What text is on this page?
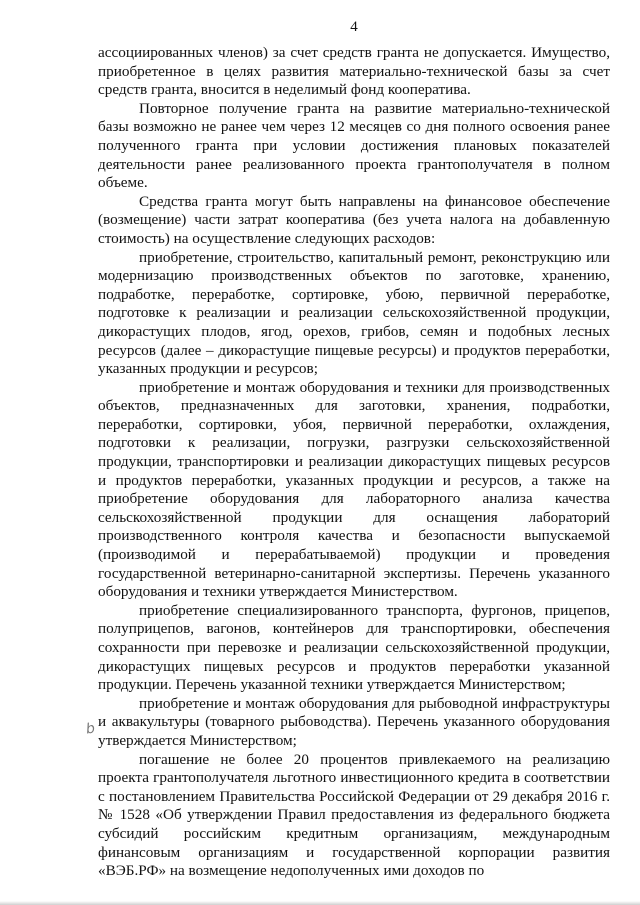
4

ассоциированных членов) за счет средств гранта не допускается. Имущество, приобретенное в целях развития материально-технической базы за счет средств гранта, вносится в неделимый фонд кооператива.

Повторное получение гранта на развитие материально-технической базы возможно не ранее чем через 12 месяцев со дня полного освоения ранее полученного гранта при условии достижения плановых показателей деятельности ранее реализованного проекта грантополучателя в полном объеме.

Средства гранта могут быть направлены на финансовое обеспечение (возмещение) части затрат кооператива (без учета налога на добавленную стоимость) на осуществление следующих расходов:

приобретение, строительство, капитальный ремонт, реконструкцию или модернизацию производственных объектов по заготовке, хранению, подработке, переработке, сортировке, убою, первичной переработке, подготовке к реализации и реализации сельскохозяйственной продукции, дикорастущих плодов, ягод, орехов, грибов, семян и подобных лесных ресурсов (далее – дикорастущие пищевые ресурсы) и продуктов переработки, указанных продукции и ресурсов;

приобретение и монтаж оборудования и техники для производственных объектов, предназначенных для заготовки, хранения, подработки, переработки, сортировки, убоя, первичной переработки, охлаждения, подготовки к реализации, погрузки, разгрузки сельскохозяйственной продукции, транспортировки и реализации дикорастущих пищевых ресурсов и продуктов переработки, указанных продукции и ресурсов, а также на приобретение оборудования для лабораторного анализа качества сельскохозяйственной продукции для оснащения лабораторий производственного контроля качества и безопасности выпускаемой (производимой и перерабатываемой) продукции и проведения государственной ветеринарно-санитарной экспертизы. Перечень указанного оборудования и техники утверждается Министерством.

приобретение специализированного транспорта, фургонов, прицепов, полуприцепов, вагонов, контейнеров для транспортировки, обеспечения сохранности при перевозке и реализации сельскохозяйственной продукции, дикорастущих пищевых ресурсов и продуктов переработки указанной продукции. Перечень указанной техники утверждается Министерством;

приобретение и монтаж оборудования для рыбоводной инфраструктуры и аквакультуры (товарного рыбоводства). Перечень указанного оборудования утверждается Министерством;

погашение не более 20 процентов привлекаемого на реализацию проекта грантополучателя льготного инвестиционного кредита в соответствии с постановлением Правительства Российской Федерации от 29 декабря 2016 г. № 1528 «Об утверждении Правил предоставления из федерального бюджета субсидий российским кредитным организациям, международным финансовым организациям и государственной корпорации развития «ВЭБ.РФ» на возмещение недополученных ими доходов по

b
